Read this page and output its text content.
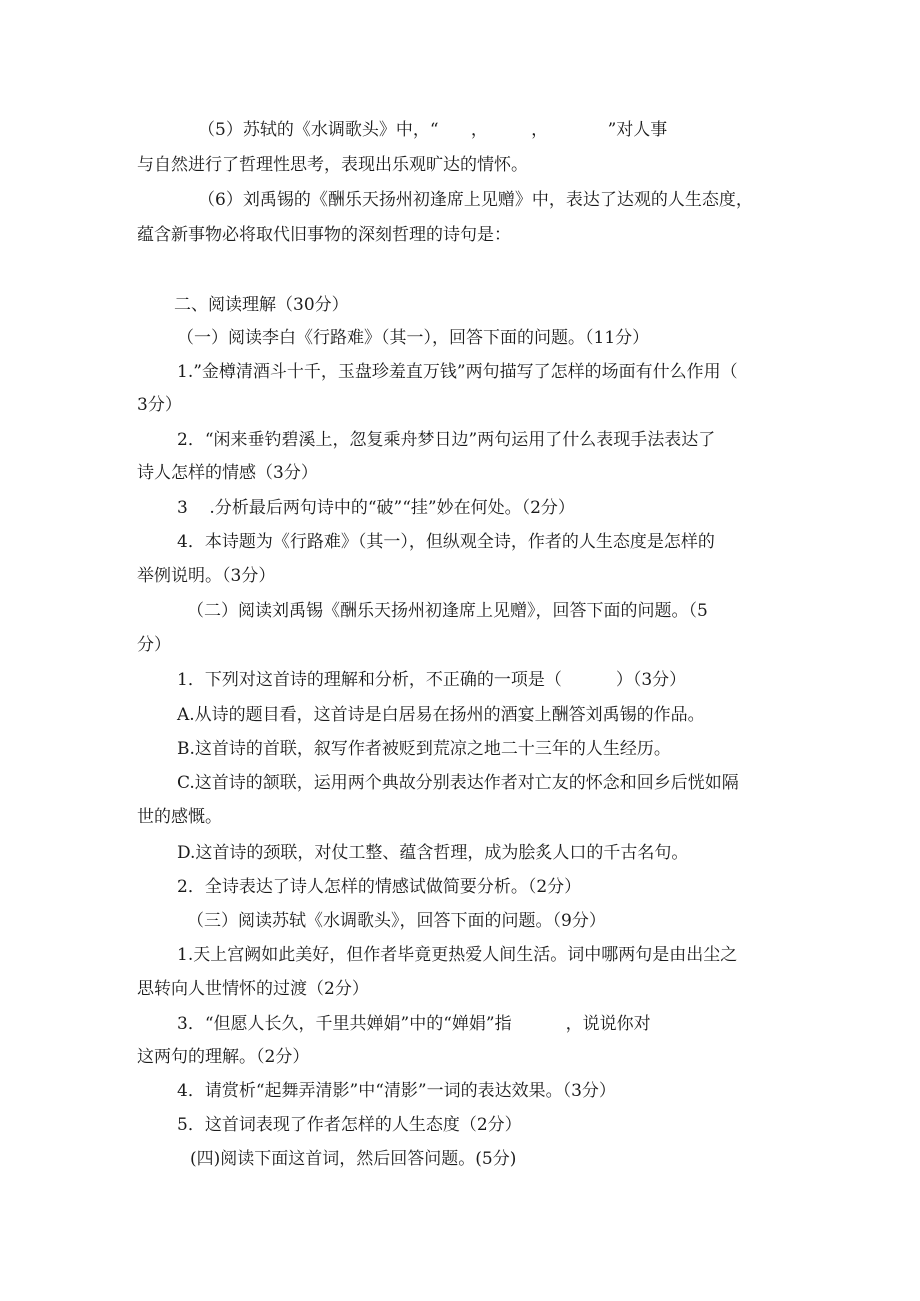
（5）苏轼的《水调歌头》中，“      ，        ，           ”对人事
与自然进行了哲理性思考，表现出乐观旷达的情怀。
（6）刘禹锡的《酬乐天扬州初逢席上见赠》中，表达了达观的人生态度，
蕴含新事物必将取代旧事物的深刻哲理的诗句是：
二、阅读理解（30分）
（一）阅读李白《行路难》（其一），回答下面的问题。（11分）
1.”金樽清酒斗十千，玉盘珍羞直万钱”两句描写了怎样的场面有什么作用（
3分）
2．“闲来垂钓碧溪上，忽复乘舟梦日边”两句运用了什么表现手法表达了
诗人怎样的情感（3分）
3    .分析最后两句诗中的“破”“挂”妙在何处。（2分）
4．本诗题为《行路难》（其一），但纵观全诗，作者的人生态度是怎样的
举例说明。（3分）
（二）阅读刘禹锡《酬乐天扬州初逢席上见赠》，回答下面的问题。（5
分）
1．下列对这首诗的理解和分析，不正确的一项是（          ）（3分）
A.从诗的题目看，这首诗是白居易在扬州的酒宴上酬答刘禹锡的作品。
B.这首诗的首联，叙写作者被贬到荒凉之地二十三年的人生经历。
C.这首诗的颔联，运用两个典故分别表达作者对亡友的怀念和回乡后恍如隔
世的感慨。
D.这首诗的颈联，对仗工整、蕴含哲理，成为脍炙人口的千古名句。
2．全诗表达了诗人怎样的情感试做简要分析。（2分）
（三）阅读苏轼《水调歌头》，回答下面的问题。（9分）
1.天上宫阙如此美好，但作者毕竟更热爱人间生活。词中哪两句是由出尘之
思转向人世情怀的过渡（2分）
3．“但愿人长久，千里共婵娟”中的“婵娟”指          ，说说你对
这两句的理解。（2分）
4．请赏析“起舞弄清影”中“清影”一词的表达效果。（3分）
5．这首词表现了作者怎样的人生态度（2分）
(四)阅读下面这首词，然后回答问题。(5分)
